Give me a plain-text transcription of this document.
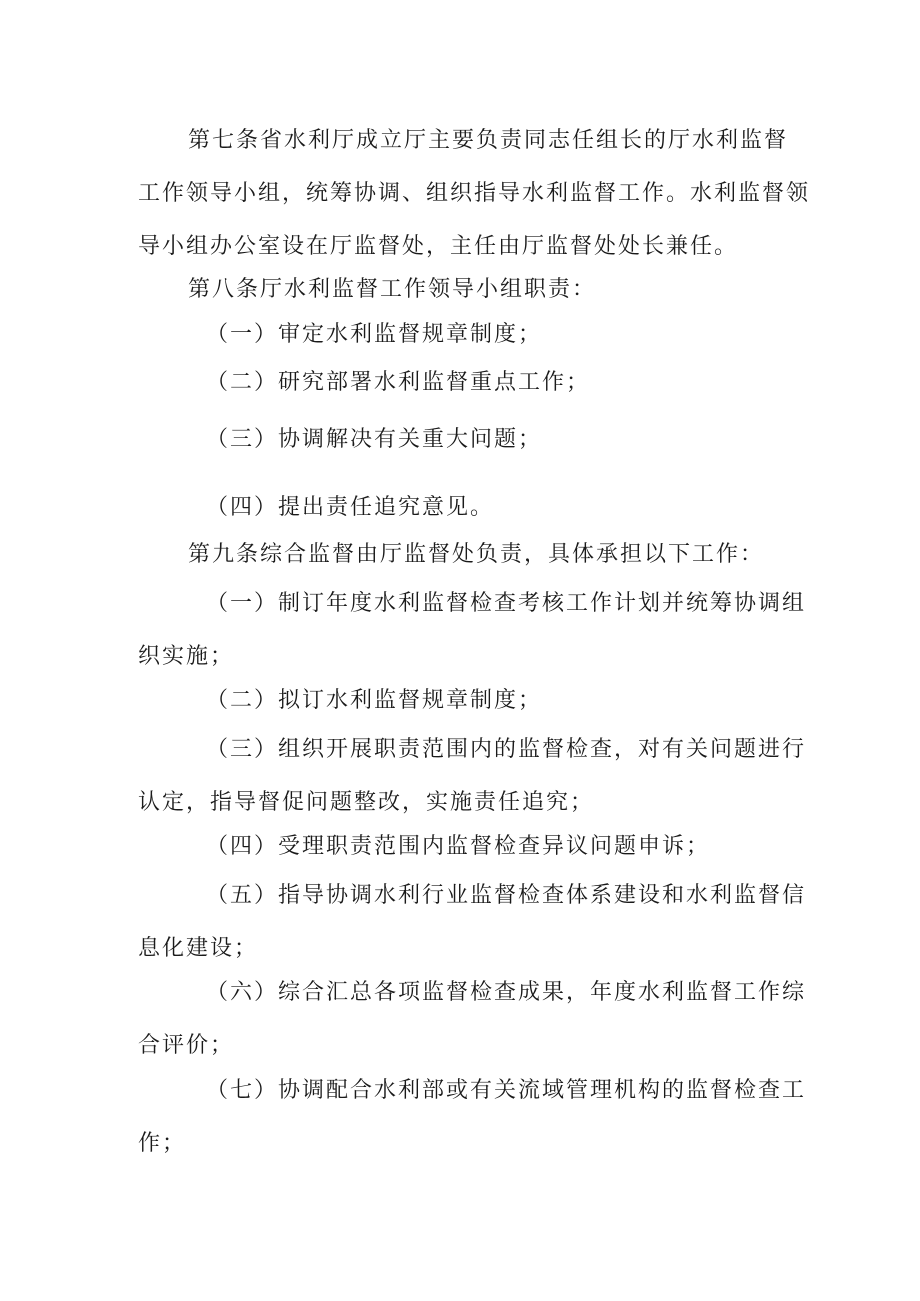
第七条省水利厅成立厅主要负责同志任组长的厅水利监督工作领导小组，统筹协调、组织指导水利监督工作。水利监督领导小组办公室设在厅监督处，主任由厅监督处处长兼任。

第八条厅水利监督工作领导小组职责：

（一）审定水利监督规章制度；

（二）研究部署水利监督重点工作；

（三）协调解决有关重大问题；

（四）提出责任追究意见。

第九条综合监督由厅监督处负责，具体承担以下工作：

（一）制订年度水利监督检查考核工作计划并统筹协调组织实施；

（二）拟订水利监督规章制度；

（三）组织开展职责范围内的监督检查，对有关问题进行认定，指导督促问题整改，实施责任追究；

（四）受理职责范围内监督检查异议问题申诉；

（五）指导协调水利行业监督检查体系建设和水利监督信息化建设；

（六）综合汇总各项监督检查成果，年度水利监督工作综合评价；

（七）协调配合水利部或有关流域管理机构的监督检查工作；
